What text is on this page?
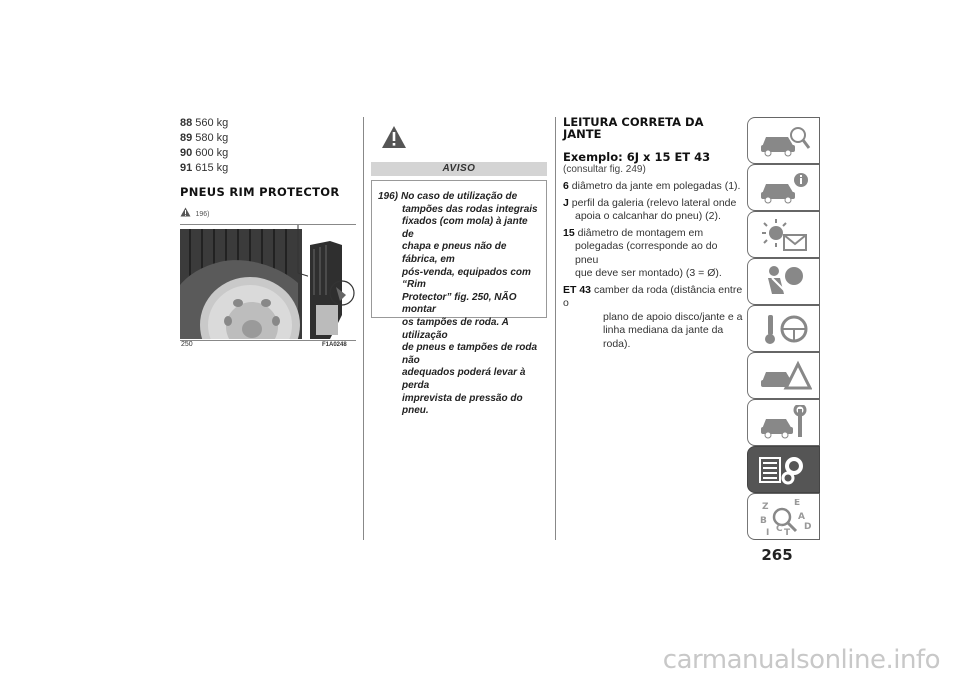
88 560 kg
89 580 kg
90 600 kg
91 615 kg
PNEUS RIM PROTECTOR
196)
250	F1A0248
AVISO
196) No caso de utilização de
tampões das rodas integrais
fixados (com mola) à jante de
chapa e pneus não de fábrica, em
pós-venda, equipados com “Rim
Protector” fig. 250, NÃO montar
os tampões de roda. A utilização
de pneus e tampões de roda não
adequados poderá levar à perda
imprevista de pressão do pneu.
LEITURA CORRETA DA
JANTE
Exemplo: 6J x 15 ET 43
(consultar fig. 249)
6 diâmetro da jante em polegadas (1).
J perfil da galeria (relevo lateral onde
apoia o calcanhar do pneu) (2).
15 diâmetro de montagem em
polegadas (corresponde ao do pneu
que deve ser montado) (3 = Ø).
ET 43 camber da roda (distância entre o
plano de apoio disco/jante e a
linha mediana da jante da roda).
Z	E
B	A
C D
I T
265
carmanualsonline.info
